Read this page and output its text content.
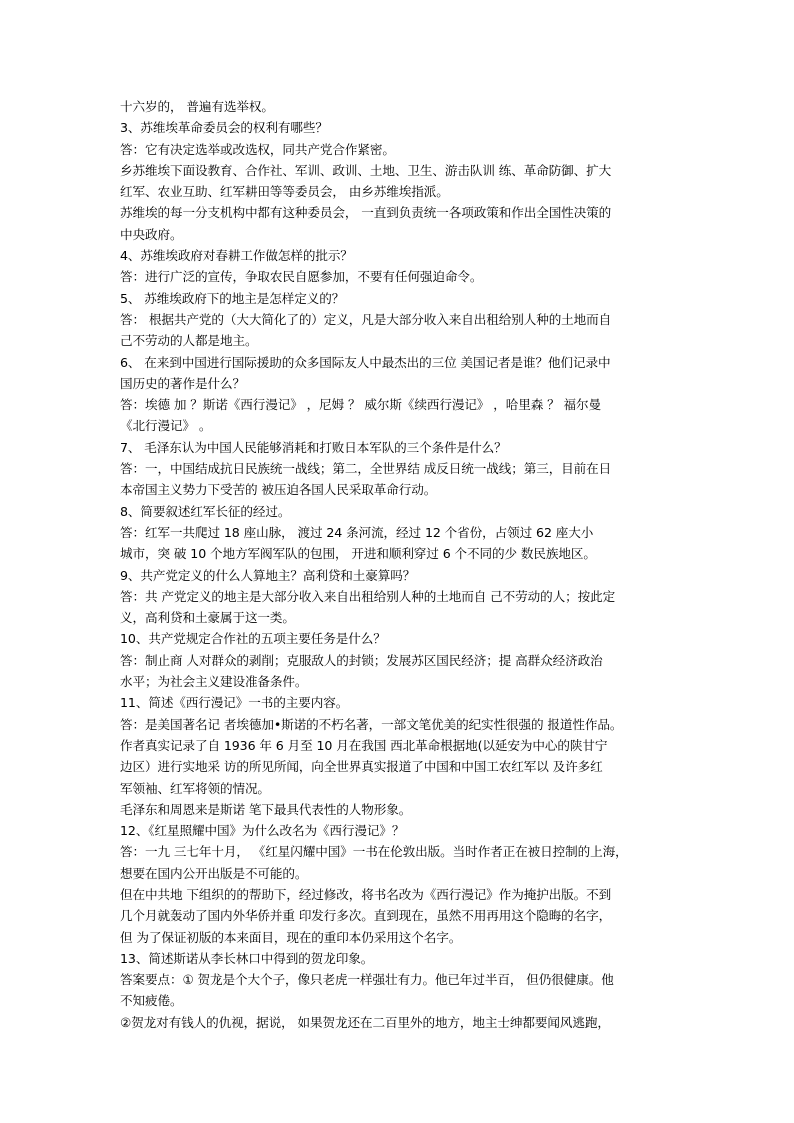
十六岁的， 普遍有选举权。
3、苏维埃革命委员会的权利有哪些？
答：它有决定选举或改选权，同共产党合作紧密。
乡苏维埃下面设教育、合作社、军训、政训、土地、卫生、游击队训 练、革命防御、扩大
红军、农业互助、红军耕田等等委员会， 由乡苏维埃指派。
苏维埃的每一分支机构中都有这种委员会， 一直到负责统一各项政策和作出全国性决策的
中央政府。
4、苏维埃政府对春耕工作做怎样的批示？
答：进行广泛的宣传，争取农民自愿参加，不要有任何强迫命令。
5、 苏维埃政府下的地主是怎样定义的？
答： 根据共产党的（大大简化了的）定义，凡是大部分收入来自出租给别人种的土地而自
己不劳动的人都是地主。
6、 在来到中国进行国际援助的众多国际友人中最杰出的三位 美国记者是谁？他们记录中
国历史的著作是什么？
答：埃德 加 ？斯诺《西行漫记》 ，尼姆 ？ 威尔斯《续西行漫记》 ，哈里森 ？ 福尔曼
《北行漫记》 。
7、 毛泽东认为中国人民能够消耗和打败日本军队的三个条件是什么？
答：一，中国结成抗日民族统一战线；第二，全世界结 成反日统一战线；第三，目前在日
本帝国主义势力下受苦的 被压迫各国人民采取革命行动。
8、简要叙述红军长征的经过。
答：红军一共爬过 18 座山脉， 渡过 24 条河流，经过 12 个省份，占领过 62 座大小
城市，突 破 10 个地方军阀军队的包围， 开进和顺利穿过 6 个不同的少 数民族地区。
9、共产党定义的什么人算地主？高利贷和土豪算吗？
答：共 产党定义的地主是大部分收入来自出租给别人种的土地而自 己不劳动的人；按此定
义，高利贷和土豪属于这一类。
10、共产党规定合作社的五项主要任务是什么？
答：制止商 人对群众的剥削；克服敌人的封锁；发展苏区国民经济；提 高群众经济政治
水平；为社会主义建设准备条件。
11、简述《西行漫记》一书的主要内容。
答：是美国著名记 者埃德加•斯诺的不朽名著，一部文笔优美的纪实性很强的 报道性作品。
作者真实记录了自 1936 年 6 月至 10 月在我国 西北革命根据地(以延安为中心的陕甘宁
边区）进行实地采 访的所见所闻，向全世界真实报道了中国和中国工农红军以 及许多红
军领袖、红军将领的情况。
毛泽东和周恩来是斯诺 笔下最具代表性的人物形象。
12、《红星照耀中国》为什么改名为《西行漫记》？
答：一九 三七年十月， 《红星闪耀中国》一书在伦敦出版。当时作者正在被日控制的上海，
想要在国内公开出版是不可能的。
但在中共地 下组织的的帮助下，经过修改，将书名改为《西行漫记》作为掩护出版。不到
几个月就轰动了国内外华侨并重 印发行多次。直到现在，虽然不用再用这个隐晦的名字，
但 为了保证初版的本来面目，现在的重印本仍采用这个名字。
13、简述斯诺从李长林口中得到的贺龙印象。
答案要点：① 贺龙是个大个子，像只老虎一样强壮有力。他已年过半百， 但仍很健康。他
不知疲倦。
②贺龙对有钱人的仇视，据说， 如果贺龙还在二百里外的地方，地主士绅都要闻风逃跑，
